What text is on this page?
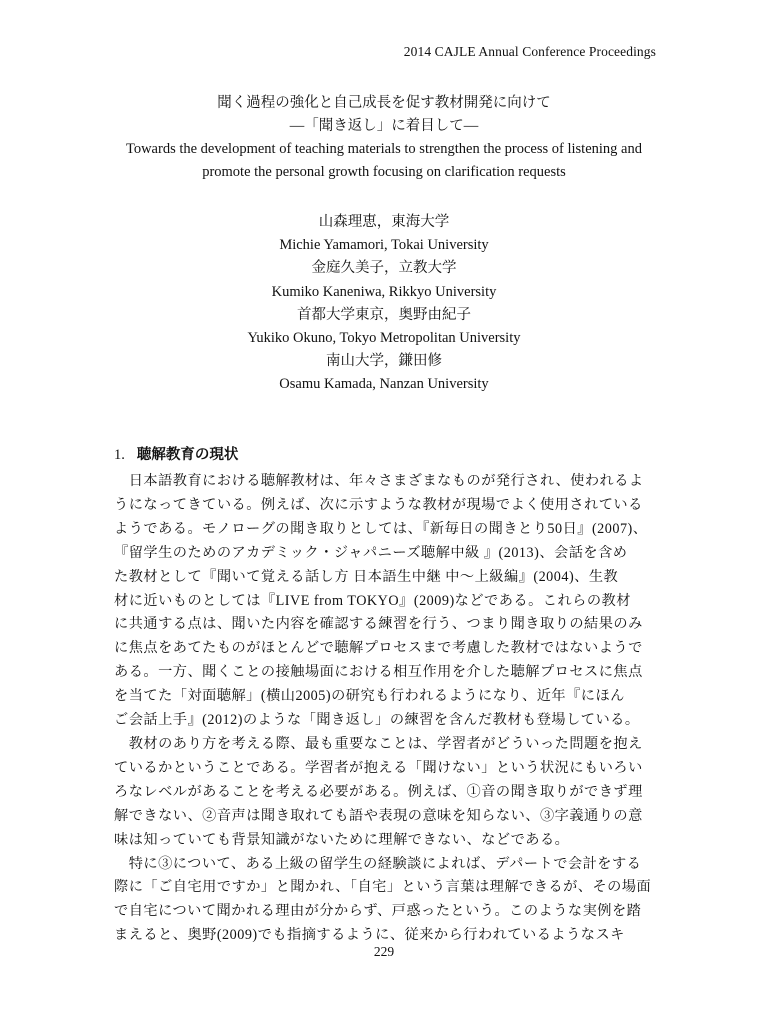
2014 CAJLE Annual Conference Proceedings
聞く過程の強化と自己成長を促す教材開発に向けて
―「聞き返し」に着目して―
Towards the development of teaching materials to strengthen the process of listening and
promote the personal growth focusing on clarification requests
山森理恵，東海大学
Michie Yamamori, Tokai University
金庭久美子，立教大学
Kumiko Kaneniwa, Rikkyo University
首都大学東京，奥野由紀子
Yukiko Okuno, Tokyo Metropolitan University
南山大学，鎌田修
Osamu Kamada, Nanzan University
1. 聴解教育の現状
　日本語教育における聴解教材は、年々さまざまなものが発行され、使われるよ
うになってきている。例えば、次に示すような教材が現場でよく使用されている
ようである。モノローグの聞き取りとしては、『新毎日の聞きとり50日』(2007)、
『留学生のためのアカデミック・ジャパニーズ聴解中級 』(2013)、会話を含め
た教材として『聞いて覚える話し方 日本語生中継 中～上級編』(2004)、生教
材に近いものとしては『LIVE from TOKYO』(2009)などである。これらの教材
に共通する点は、聞いた内容を確認する練習を行う、つまり聞き取りの結果のみ
に焦点をあてたものがほとんどで聴解プロセスまで考慮した教材ではないようで
ある。一方、聞くことの接触場面における相互作用を介した聴解プロセスに焦点
を当てた「対面聴解」(横山2005)の研究も行われるようになり、近年『にほん
ご会話上手』(2012)のような「聞き返し」の練習を含んだ教材も登場している。
　教材のあり方を考える際、最も重要なことは、学習者がどういった問題を抱え
ているかということである。学習者が抱える「聞けない」という状況にもいろい
ろなレベルがあることを考える必要がある。例えば、①音の聞き取りができず理
解できない、②音声は聞き取れても語や表現の意味を知らない、③字義通りの意
味は知っていても背景知識がないために理解できない、などである。
　特に③について、ある上級の留学生の経験談によれば、デパートで会計をする
際に「ご自宅用ですか」と聞かれ、「自宅」という言葉は理解できるが、その場面
で自宅について聞かれる理由が分からず、戸惑ったという。このような実例を踏
まえると、奥野(2009)でも指摘するように、従来から行われているようなスキ
229
